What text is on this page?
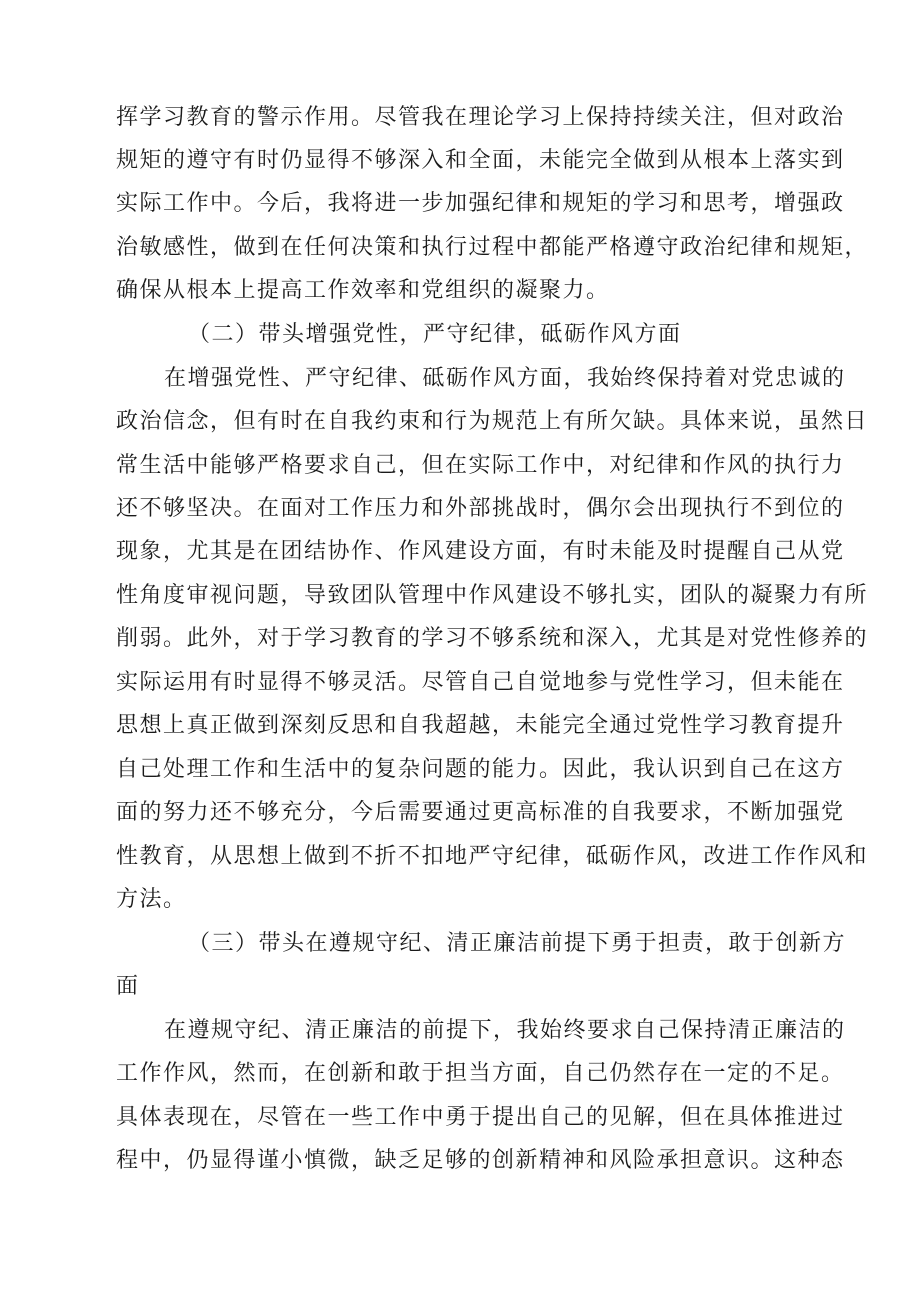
挥学习教育的警示作用。尽管我在理论学习上保持持续关注，但对政治
规矩的遵守有时仍显得不够深入和全面，未能完全做到从根本上落实到
实际工作中。今后，我将进一步加强纪律和规矩的学习和思考，增强政
治敏感性，做到在任何决策和执行过程中都能严格遵守政治纪律和规矩，
确保从根本上提高工作效率和党组织的凝聚力。
（二）带头增强党性，严守纪律，砥砺作风方面
在增强党性、严守纪律、砥砺作风方面，我始终保持着对党忠诚的
政治信念，但有时在自我约束和行为规范上有所欠缺。具体来说，虽然日
常生活中能够严格要求自己，但在实际工作中，对纪律和作风的执行力
还不够坚决。在面对工作压力和外部挑战时，偶尔会出现执行不到位的
现象，尤其是在团结协作、作风建设方面，有时未能及时提醒自己从党
性角度审视问题，导致团队管理中作风建设不够扎实，团队的凝聚力有所
削弱。此外，对于学习教育的学习不够系统和深入，尤其是对党性修养的
实际运用有时显得不够灵活。尽管自己自觉地参与党性学习，但未能在
思想上真正做到深刻反思和自我超越，未能完全通过党性学习教育提升
自己处理工作和生活中的复杂问题的能力。因此，我认识到自己在这方
面的努力还不够充分，今后需要通过更高标准的自我要求，不断加强党
性教育，从思想上做到不折不扣地严守纪律，砥砺作风，改进工作作风和
方法。
（三）带头在遵规守纪、清正廉洁前提下勇于担责，敢于创新方
面
在遵规守纪、清正廉洁的前提下，我始终要求自己保持清正廉洁的
工作作风，然而，在创新和敢于担当方面，自己仍然存在一定的不足。
具体表现在，尽管在一些工作中勇于提出自己的见解，但在具体推进过
程中，仍显得谨小慎微，缺乏足够的创新精神和风险承担意识。这种态
